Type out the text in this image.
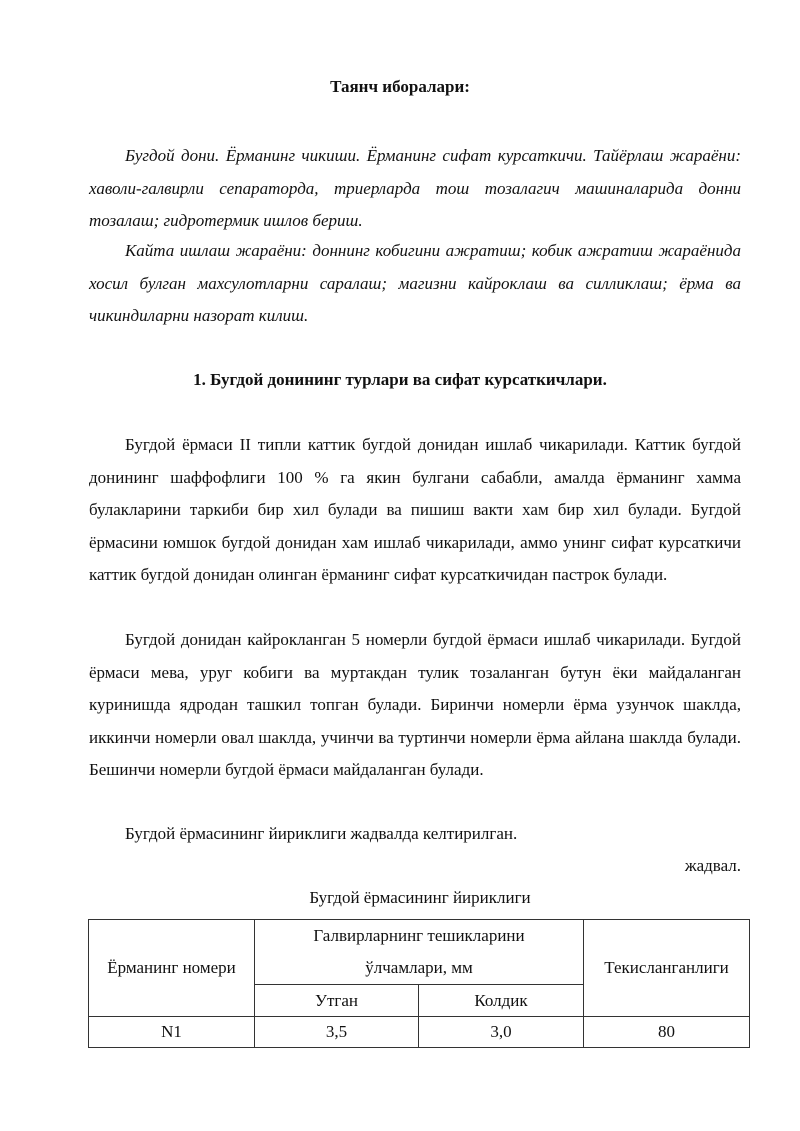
Таянч иборалари:
Бугдой дони. Ёрманинг чикиши. Ёрманинг сифат курсаткичи. Тайёрлаш жараёни: хаволи-галвирли сепараторда, триерларда тош тозалагич машиналарида донни тозалаш; гидротермик ишлов бериш.
Кайта ишлаш жараёни: доннинг кобигини ажратиш; кобик ажратиш жараёнида хосил булган махсулотларни саралаш; магизни кайроклаш ва силликлаш; ёрма ва чикиндиларни назорат килиш.
1. Бугдой донининг турлари ва сифат курсаткичлари.
Бугдой ёрмаси II типли каттик бугдой донидан ишлаб чикарилади. Каттик бугдой донининг шаффофлиги 100 % га якин булгани сабабли, амалда ёрманинг хамма булакларини таркиби бир хил булади ва пишиш вакти хам бир хил булади. Бугдой ёрмасини юмшок бугдой донидан хам ишлаб чикарилади, аммо унинг сифат курсаткичи каттик бугдой донидан олинган ёрманинг сифат курсаткичидан пастрок булади.
Бугдой донидан кайрокланган 5 номерли бугдой ёрмаси ишлаб чикарилади. Бугдой ёрмаси мева, уруг кобиги ва муртакдан тулик тозаланган бутун ёки майдаланган куринишда ядродан ташкил топган булади. Биринчи номерли ёрма узунчок шаклда, иккинчи номерли овал шаклда, учинчи ва туртинчи номерли ёрма айлана шаклда булади. Бешинчи номерли бугдой ёрмаси майдаланган булади.
Бугдой ёрмасининг йириклиги жадвалда келтирилган.
жадвал.
Бугдой ёрмасининг йириклиги
Ёрманинг номери	Галвирларнинг тешикларини
ўлчамлари, мм		Текисланганлиги
	Утган	Колдик	
N1	3,5	3,0	80
